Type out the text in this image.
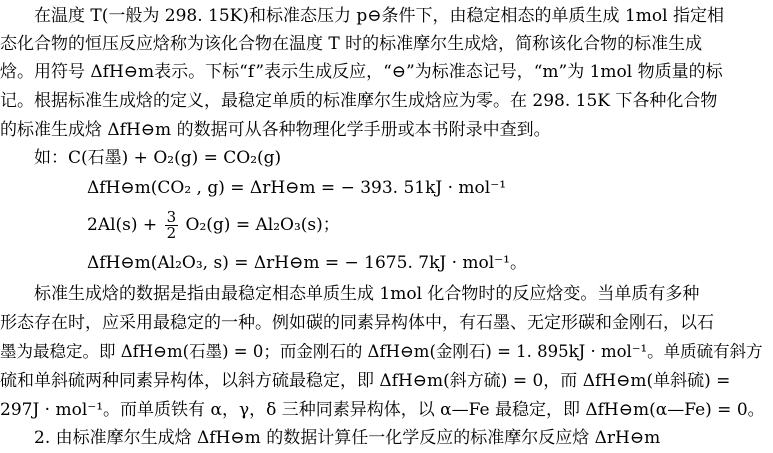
　　在温度 T(一般为 298. 15K)和标准态压力 p⊖条件下，由稳定相态的单质生成 1mol 指定相
态化合物的恒压反应焓称为该化合物在温度 T 时的标准摩尔生成焓，简称该化合物的标准生成
焓。用符号 ΔfH⊖m表示。下标“f”表示生成反应，“⊖”为标准态记号，“m”为 1mol 物质量的标
记。根据标准生成焓的定义，最稳定单质的标准摩尔生成焓应为零。在 298. 15K 下各种化合物
的标准生成焓 ΔfH⊖m 的数据可从各种物理化学手册或本书附录中查到。
　　如：C(石墨) + O₂(g) = CO₂(g)
ΔfH⊖m(CO₂ , g) = ΔrH⊖m = − 393. 51kJ · mol⁻¹
$2Al(s) + \frac{3}{2} O_2(g) = Al_2O_3(s)$；
ΔfH⊖m(Al₂O₃, s) = ΔrH⊖m = − 1675. 7kJ · mol⁻¹。
　　标准生成焓的数据是指由最稳定相态单质生成 1mol 化合物时的反应焓变。当单质有多种
形态存在时，应采用最稳定的一种。例如碳的同素异构体中，有石墨、无定形碳和金刚石，以石
墨为最稳定。即 ΔfH⊖m(石墨) = 0；而金刚石的 ΔfH⊖m(金刚石) = 1. 895kJ · mol⁻¹。单质硫有斜方
硫和单斜硫两种同素异构体，以斜方硫最稳定，即 ΔfH⊖m(斜方硫) = 0，而 ΔfH⊖m(单斜硫) =
297J · mol⁻¹。而单质铁有 α，γ，δ 三种同素异构体，以 α—Fe 最稳定，即 ΔfH⊖m(α—Fe) = 0。
　　2. 由标准摩尔生成焓 ΔfH⊖m 的数据计算任一化学反应的标准摩尔反应焓 ΔrH⊖m
